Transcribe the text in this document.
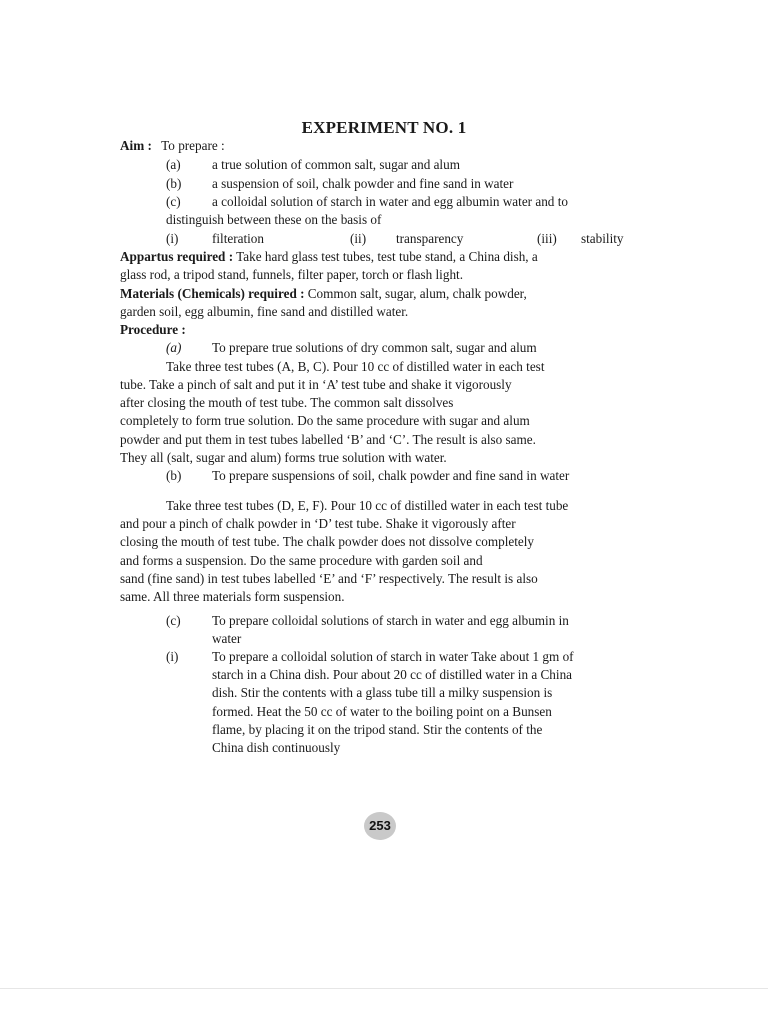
EXPERIMENT NO. 1
Aim : To prepare :
(a) a true solution of common salt, sugar and alum
(b) a suspension of soil, chalk powder and fine sand in water
(c) a colloidal solution of starch in water and egg albumin water and to
distinguish between these on the basis of
(i)	filteration	(ii) transparency	(iii) stability
Appartus required : Take hard glass test tubes, test tube stand, a China dish, a
glass rod, a tripod stand, funnels, filter paper, torch or flash light.
Materials (Chemicals) required : Common salt, sugar, alum, chalk powder,
garden soil, egg albumin, fine sand and distilled water.
Procedure :
(a) To prepare true solutions of dry common salt, sugar and alum
Take three test tubes (A, B, C). Pour 10 cc of distilled water in each test
tube. Take a pinch of salt and put it in ‘A’ test tube and shake it vigorously
after closing the mouth of test tube. The common salt dissolves
completely to form true solution. Do the same procedure with sugar and alum
powder and put them in test tubes labelled ‘B’ and ‘C’. The result is also same.
They all (salt, sugar and alum) forms true solution with water.
(b) To prepare suspensions of soil, chalk powder and fine sand in water
Take three test tubes (D, E, F). Pour 10 cc of distilled water in each test tube
and pour a pinch of chalk powder in ‘D’ test tube. Shake it vigorously after
closing the mouth of test tube. The chalk powder does not dissolve completely
and forms a suspension. Do the same procedure with garden soil and
sand (fine sand) in test tubes labelled ‘E’ and ‘F’ respectively. The result is also
same. All three materials form suspension.
(c) To prepare colloidal solutions of starch in water and egg albumin in
water
(i)	To prepare a colloidal solution of starch in water Take about 1 gm of
starch in a China dish. Pour about 20 cc of distilled water in a China
dish. Stir the contents with a glass tube till a milky suspension is
formed. Heat the 50 cc of water to the boiling point on a Bunsen
flame, by placing it on the tripod stand. Stir the contents of the
China dish continuously
253
